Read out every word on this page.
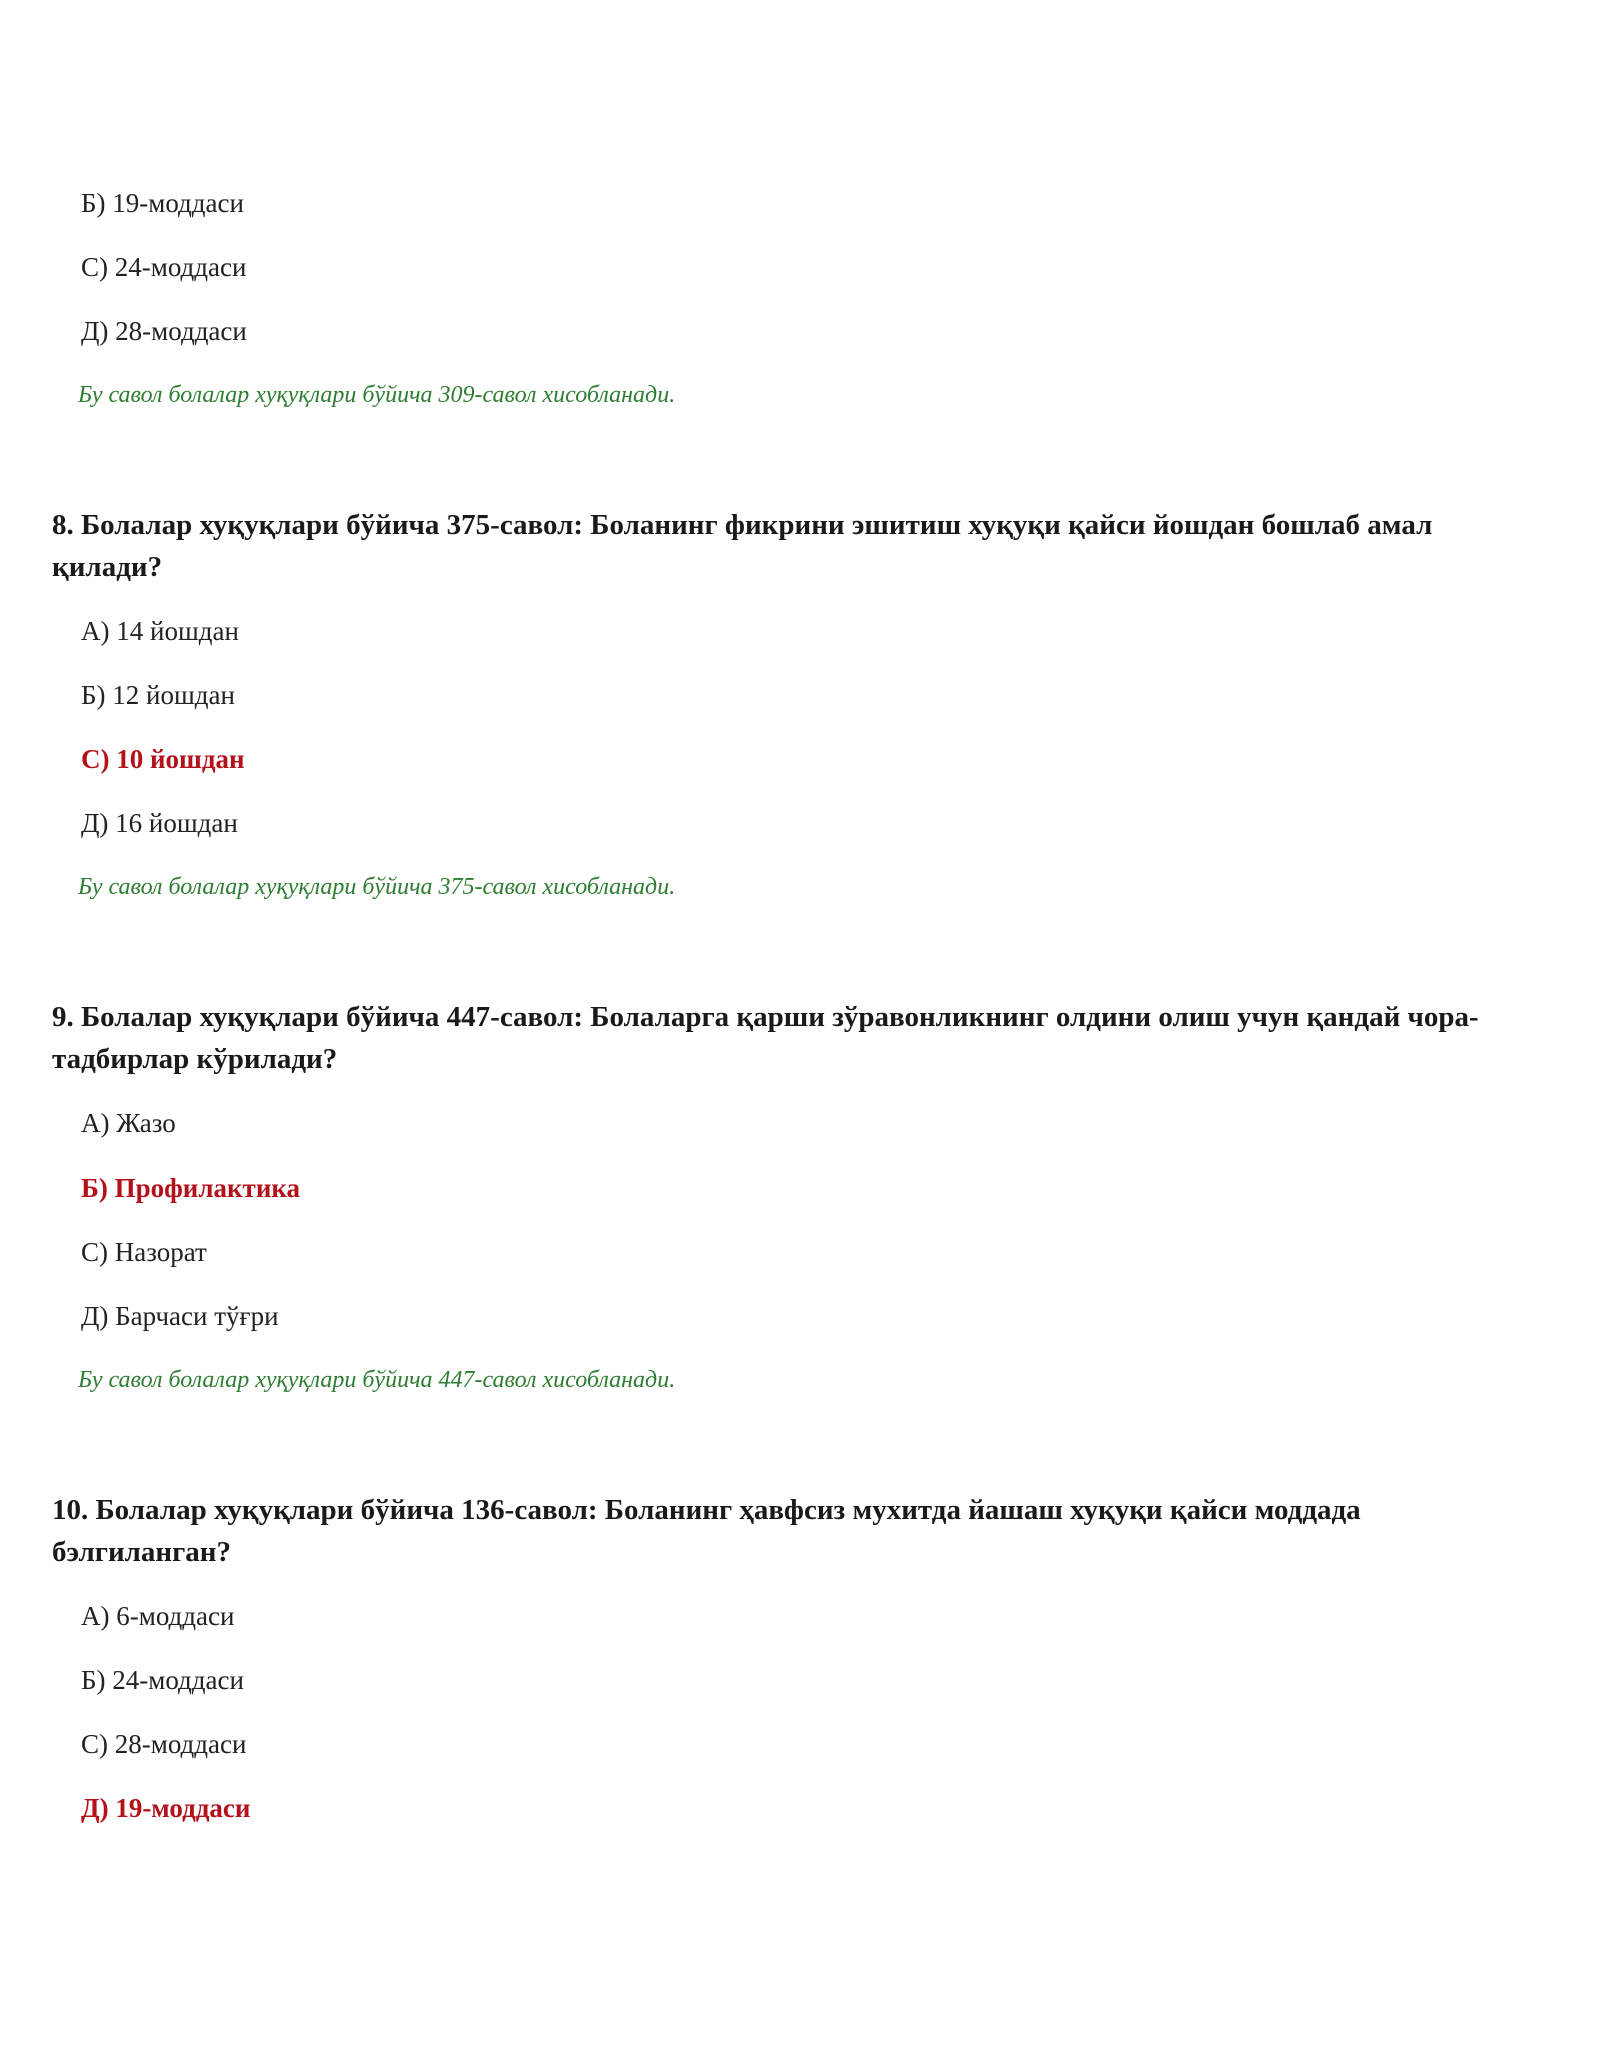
Б) 19-моддаси
С) 24-моддаси
Д) 28-моддаси
Бу савол болалар хуқуқлари бўйича 309-савол хисобланади.

8. Болалар хуқуқлари бўйича 375-савол: Боланинг фикрини эшитиш хуқуқи қайси йошдан бошлаб амал қилади?

А) 14 йошдан
Б) 12 йошдан
С) 10 йошдан
Д) 16 йошдан
Бу савол болалар хуқуқлари бўйича 375-савол хисобланади.

9. Болалар хуқуқлари бўйича 447-савол: Болаларга қарши зўравонликнинг олдини олиш учун қандай чора-тадбирлар кўрилади?

А) Жазо
Б) Профилактика
С) Назорат
Д) Барчаси тўғри
Бу савол болалар хуқуқлари бўйича 447-савол хисобланади.

10. Болалар хуқуқлари бўйича 136-савол: Боланинг ҳавфсиз мухитда йашаш хуқуқи қайси моддада бэлгиланган?

А) 6-моддаси
Б) 24-моддаси
С) 28-моддаси
Д) 19-моддаси
